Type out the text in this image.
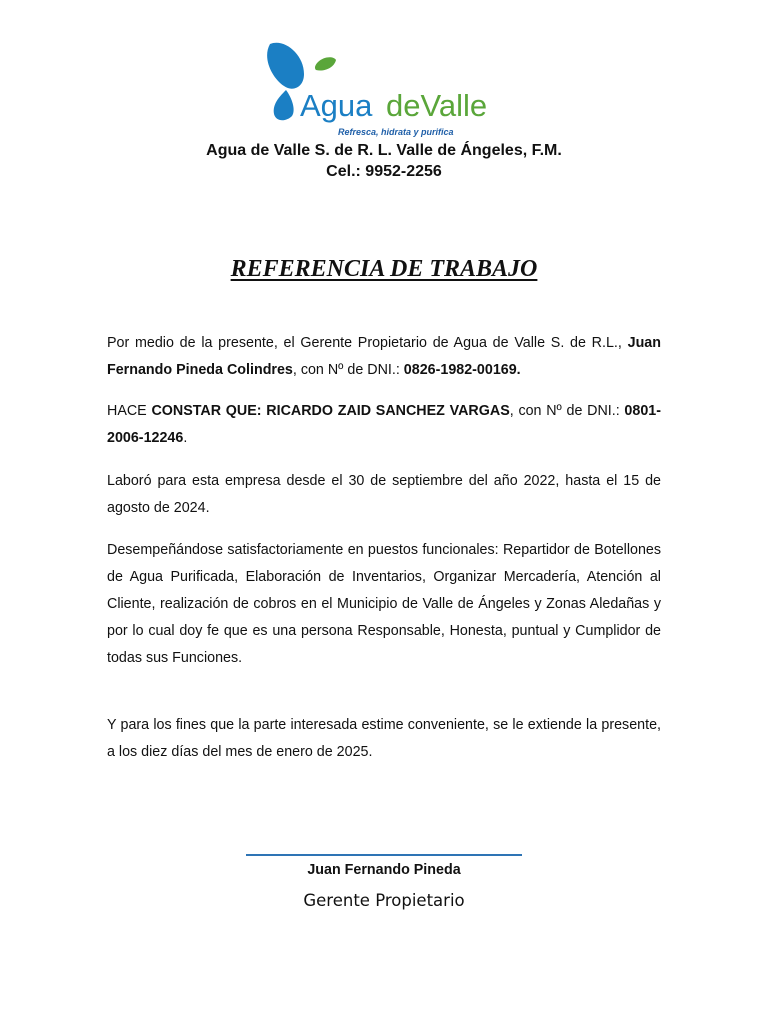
Agua deValle
Refresca, hidrata y purifica
Agua de Valle S. de R. L. Valle de Ángeles, F.M.
Cel.: 9952-2256
REFERENCIA DE TRABAJO

Por medio de la presente, el Gerente Propietario de Agua de Valle S. de R.L., Juan Fernando Pineda Colindres, con Nº de DNI.: 0826-1982-00169.

HACE CONSTAR QUE: RICARDO ZAID SANCHEZ VARGAS, con Nº de DNI.: 0801-2006-12246.

Laboró para esta empresa desde el 30 de septiembre del año 2022, hasta el 15 de agosto de 2024.

Desempeñándose satisfactoriamente en puestos funcionales: Repartidor de Botellones de Agua Purificada, Elaboración de Inventarios, Organizar Mercadería, Atención al Cliente, realización de cobros en el Municipio de Valle de Ángeles y Zonas Aledañas y por lo cual doy fe que es una persona Responsable, Honesta, puntual y Cumplidor de todas sus Funciones.

Y para los fines que la parte interesada estime conveniente, se le extiende la presente, a los diez días del mes de enero de 2025.

Juan Fernando Pineda
Gerente Propietario
